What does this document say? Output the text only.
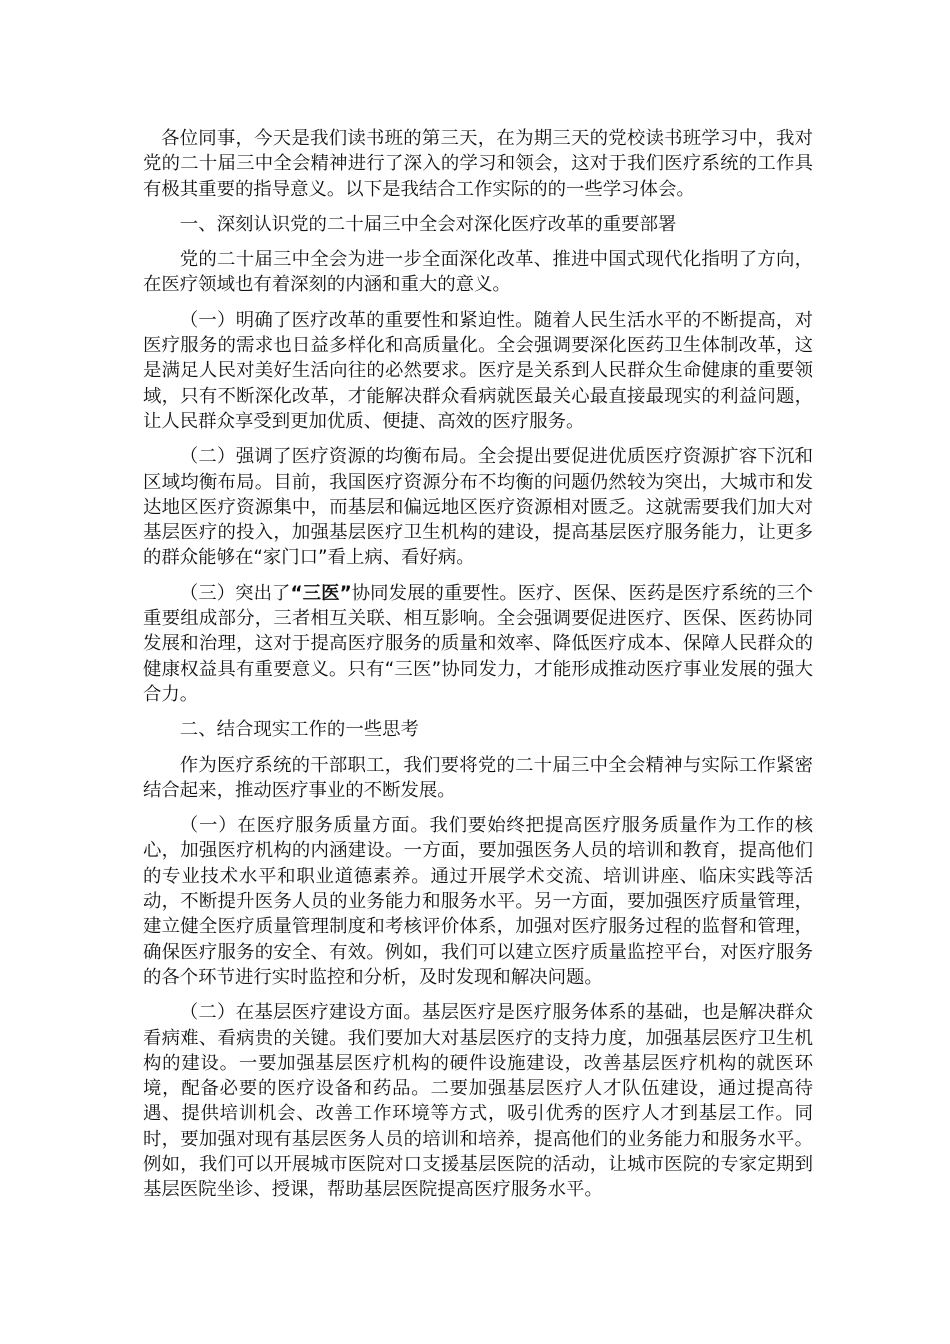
各位同事，今天是我们读书班的第三天，在为期三天的党校读书班学习中，我对党的二十届三中全会精神进行了深入的学习和领会，这对于我们医疗系统的工作具有极其重要的指导意义。以下是我结合工作实际的的一些学习体会。

一、深刻认识党的二十届三中全会对深化医疗改革的重要部署

党的二十届三中全会为进一步全面深化改革、推进中国式现代化指明了方向，在医疗领域也有着深刻的内涵和重大的意义。

（一）明确了医疗改革的重要性和紧迫性。随着人民生活水平的不断提高，对医疗服务的需求也日益多样化和高质量化。全会强调要深化医药卫生体制改革，这是满足人民对美好生活向往的必然要求。医疗是关系到人民群众生命健康的重要领域，只有不断深化改革，才能解决群众看病就医最关心最直接最现实的利益问题，让人民群众享受到更加优质、便捷、高效的医疗服务。

（二）强调了医疗资源的均衡布局。全会提出要促进优质医疗资源扩容下沉和区域均衡布局。目前，我国医疗资源分布不均衡的问题仍然较为突出，大城市和发达地区医疗资源集中，而基层和偏远地区医疗资源相对匮乏。这就需要我们加大对基层医疗的投入，加强基层医疗卫生机构的建设，提高基层医疗服务能力，让更多的群众能够在“家门口”看上病、看好病。

（三）突出了“三医”协同发展的重要性。医疗、医保、医药是医疗系统的三个重要组成部分，三者相互关联、相互影响。全会强调要促进医疗、医保、医药协同发展和治理，这对于提高医疗服务的质量和效率、降低医疗成本、保障人民群众的健康权益具有重要意义。只有“三医”协同发力，才能形成推动医疗事业发展的强大合力。

二、结合现实工作的一些思考

作为医疗系统的干部职工，我们要将党的二十届三中全会精神与实际工作紧密结合起来，推动医疗事业的不断发展。

（一）在医疗服务质量方面。我们要始终把提高医疗服务质量作为工作的核心，加强医疗机构的内涵建设。一方面，要加强医务人员的培训和教育，提高他们的专业技术水平和职业道德素养。通过开展学术交流、培训讲座、临床实践等活动，不断提升医务人员的业务能力和服务水平。另一方面，要加强医疗质量管理，建立健全医疗质量管理制度和考核评价体系，加强对医疗服务过程的监督和管理，确保医疗服务的安全、有效。例如，我们可以建立医疗质量监控平台，对医疗服务的各个环节进行实时监控和分析，及时发现和解决问题。

（二）在基层医疗建设方面。基层医疗是医疗服务体系的基础，也是解决群众看病难、看病贵的关键。我们要加大对基层医疗的支持力度，加强基层医疗卫生机构的建设。一要加强基层医疗机构的硬件设施建设，改善基层医疗机构的就医环境，配备必要的医疗设备和药品。二要加强基层医疗人才队伍建设，通过提高待遇、提供培训机会、改善工作环境等方式，吸引优秀的医疗人才到基层工作。同时，要加强对现有基层医务人员的培训和培养，提高他们的业务能力和服务水平。例如，我们可以开展城市医院对口支援基层医院的活动，让城市医院的专家定期到基层医院坐诊、授课，帮助基层医院提高医疗服务水平。
